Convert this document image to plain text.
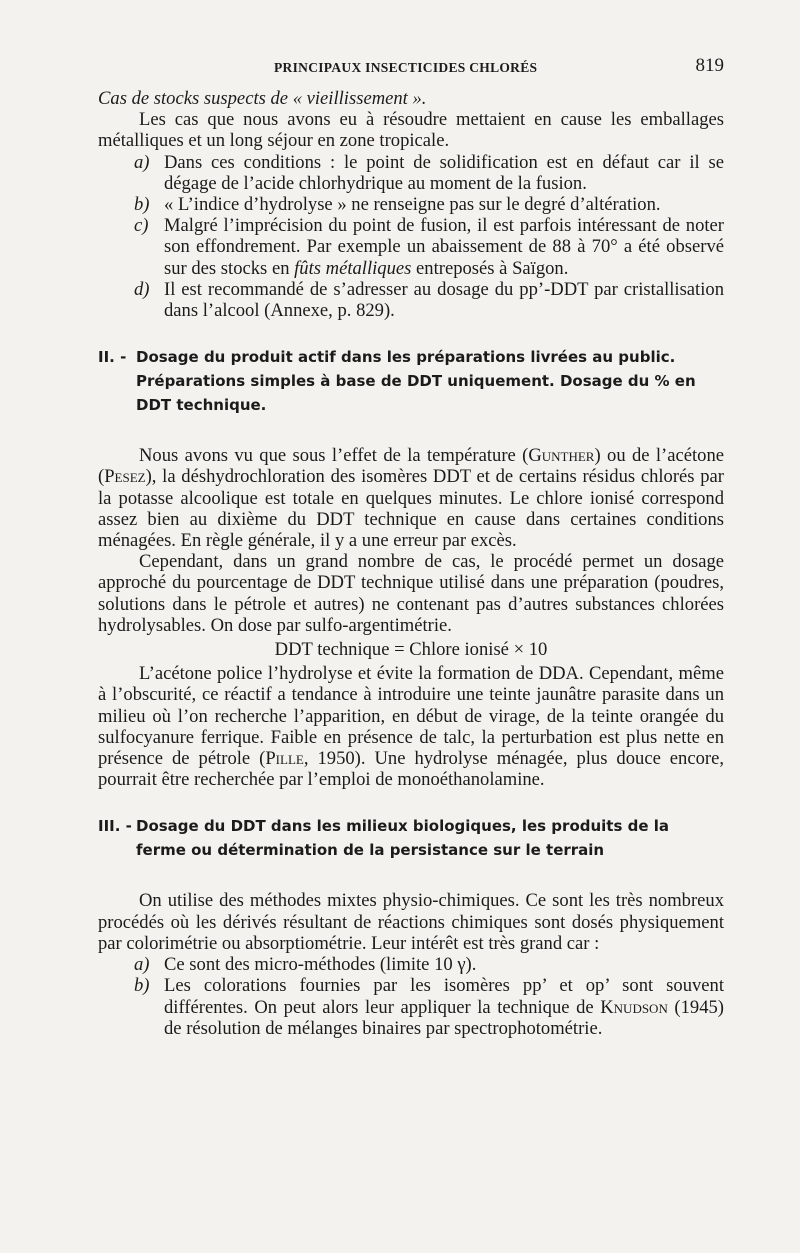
PRINCIPAUX INSECTICIDES CHLORÉS	819

Cas de stocks suspects de « vieillissement ».

Les cas que nous avons eu à résoudre mettaient en cause les emballages métalliques et un long séjour en zone tropicale.

a) Dans ces conditions : le point de solidification est en défaut car il se dégage de l’acide chlorhydrique au moment de la fusion.
b) « L’indice d’hydrolyse » ne renseigne pas sur le degré d’altération.
c) Malgré l’imprécision du point de fusion, il est parfois intéressant de noter son effondrement. Par exemple un abaissement de 88 à 70° a été observé sur des stocks en fûts métalliques entreposés à Saïgon.
d) Il est recommandé de s’adresser au dosage du pp’-DDT par cristallisation dans l’alcool (Annexe, p. 829).
II. - Dosage du produit actif dans les préparations livrées au public. Préparations simples à base de DDT uniquement. Dosage du % en DDT technique.

Nous avons vu que sous l’effet de la température (Gunther) ou de l’acétone (Pesez), la déshydrochloration des isomères DDT et de certains résidus chlorés par la potasse alcoolique est totale en quelques minutes. Le chlore ionisé correspond assez bien au dixième du DDT technique en cause dans certaines conditions ménagées. En règle générale, il y a une erreur par excès.

Cependant, dans un grand nombre de cas, le procédé permet un dosage approché du pourcentage de DDT technique utilisé dans une préparation (poudres, solutions dans le pétrole et autres) ne contenant pas d’autres substances chlorées hydrolysables. On dose par sulfo-argentimétrie.

DDT technique = Chlore ionisé × 10

L’acétone police l’hydrolyse et évite la formation de DDA. Cependant, même à l’obscurité, ce réactif a tendance à introduire une teinte jaunâtre parasite dans un milieu où l’on recherche l’apparition, en début de virage, de la teinte orangée du sulfocyanure ferrique. Faible en présence de talc, la perturbation est plus nette en présence de pétrole (Pille, 1950). Une hydrolyse ménagée, plus douce encore, pourrait être recherchée par l’emploi de monoéthanolamine.

III. - Dosage du DDT dans les milieux biologiques, les produits de la ferme ou détermination de la persistance sur le terrain

On utilise des méthodes mixtes physio-chimiques. Ce sont les très nombreux procédés où les dérivés résultant de réactions chimiques sont dosés physiquement par colorimétrie ou absorptiométrie. Leur intérêt est très grand car :

a) Ce sont des micro-méthodes (limite 10 γ).
b) Les colorations fournies par les isomères pp’ et op’ sont souvent différentes. On peut alors leur appliquer la technique de Knudson (1945) de résolution de mélanges binaires par spectrophotométrie.
